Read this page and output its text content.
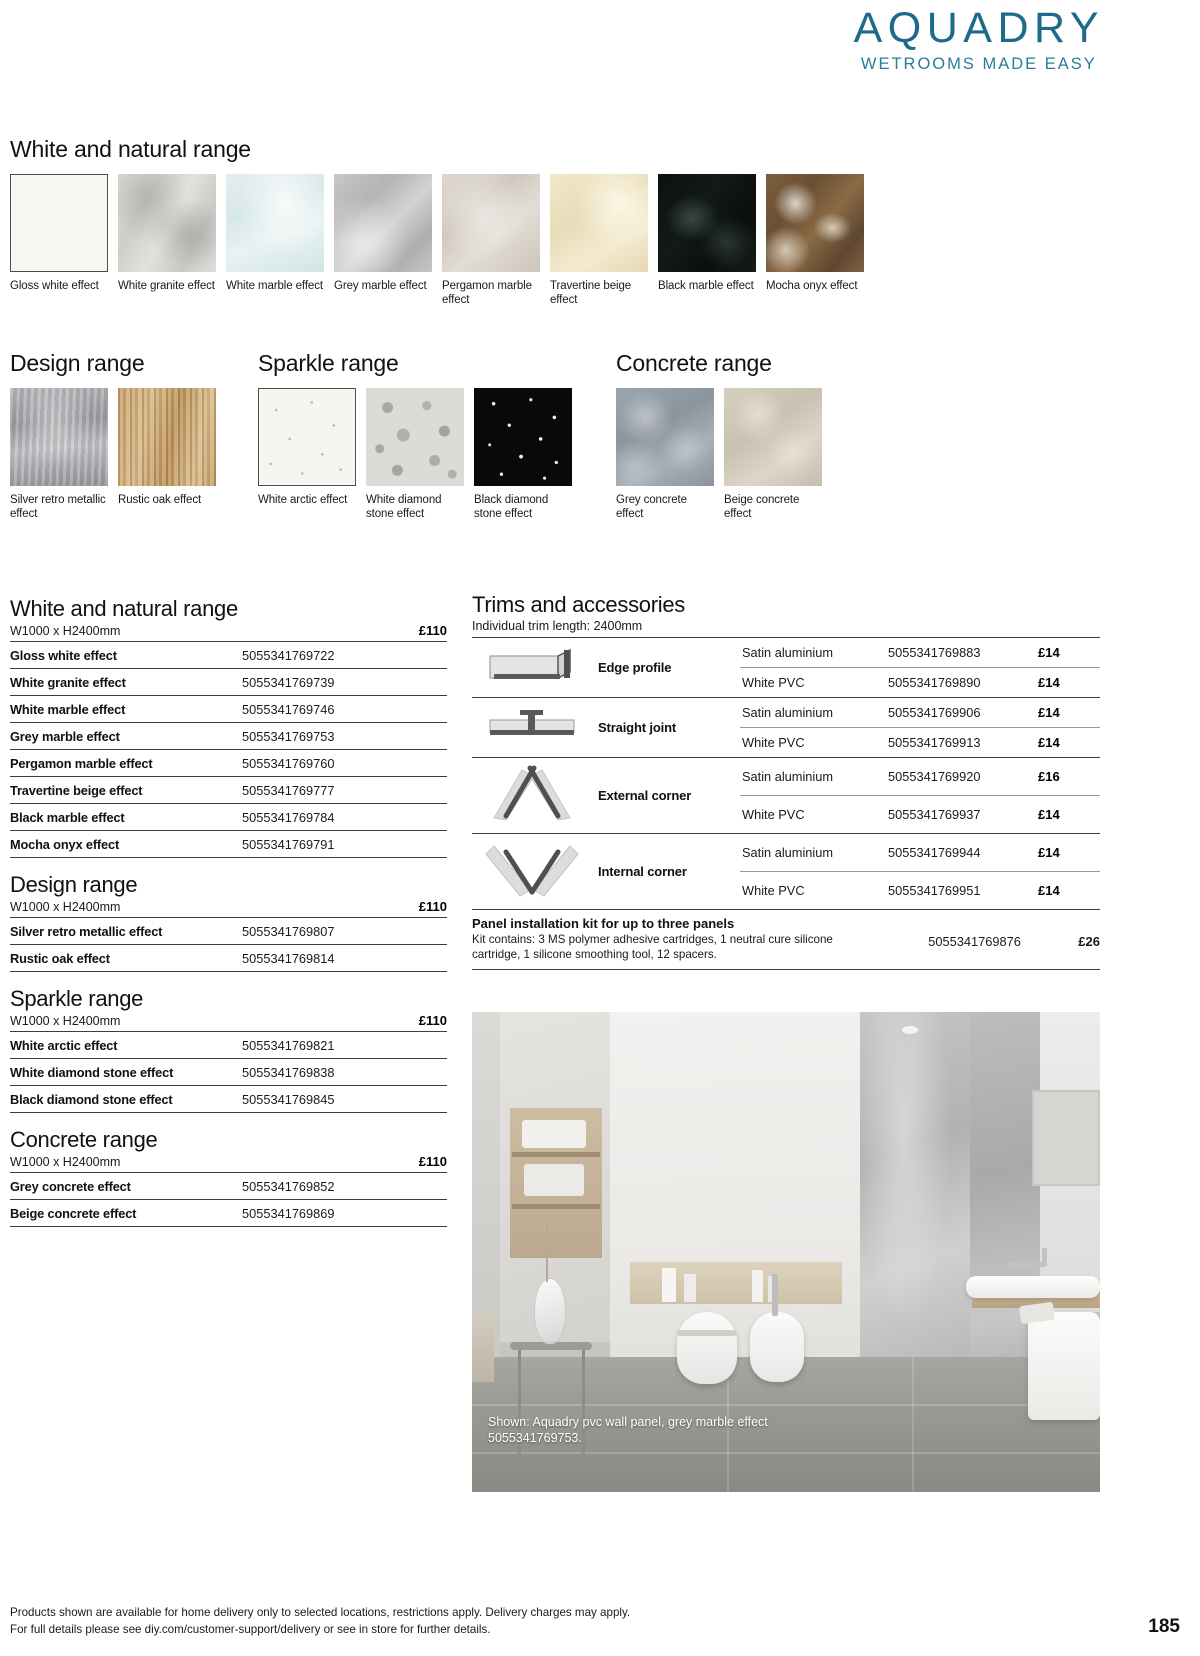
AQUADRY
WETROOMS MADE EASY
White and natural range
Gloss white effect	White granite effect White marble effect Grey marble effect	Pergamon marble effect
Travertine beige effect
Black marble effect Mocha onyx effect
Design range
Silver retro metallic effect
Rustic oak effect
Sparkle range
White arctic effect	White diamond stone effect
Black diamond stone effect
Concrete range
Grey concrete effect
Beige concrete effect
White and natural range
W1000 x H2400mm	£110
Gloss white effect	5055341769722
White granite effect	5055341769739
White marble effect	5055341769746
Grey marble effect	5055341769753
Pergamon marble effect	5055341769760
Travertine beige effect	5055341769777
Black marble effect	5055341769784
Mocha onyx effect	5055341769791
Design range
W1000 x H2400mm	£110
Silver retro metallic effect	5055341769807
Rustic oak effect	5055341769814
Sparkle range
W1000 x H2400mm	£110
White arctic effect	5055341769821
White diamond stone effect	5055341769838
Black diamond stone effect	5055341769845
Concrete range
W1000 x H2400mm	£110
Grey concrete effect	5055341769852
Beige concrete effect	5055341769869
Trims and accessories
Individual trim length: 2400mm
	Edge profile	Satin aluminium	5055341769883	£14
		White PVC	5055341769890	£14
	Straight joint	Satin aluminium	5055341769906	£14
		White PVC	5055341769913	£14
	External corner	Satin aluminium	5055341769920	£16
		White PVC	5055341769937	£14
	Internal corner	Satin aluminium	5055341769944	£14
		White PVC	5055341769951	£14
Panel installation kit for up to three panels
Kit contains: 3 MS polymer adhesive cartridges, 1 neutral cure silicone cartridge, 1 silicone smoothing tool, 12 spacers.
5055341769876	£26
Shown: Aquadry pvc wall panel, grey marble effect 5055341769753.
Products shown are available for home delivery only to selected locations, restrictions apply. Delivery charges may apply.
For full details please see diy.com/customer-support/delivery or see in store for further details.	185
